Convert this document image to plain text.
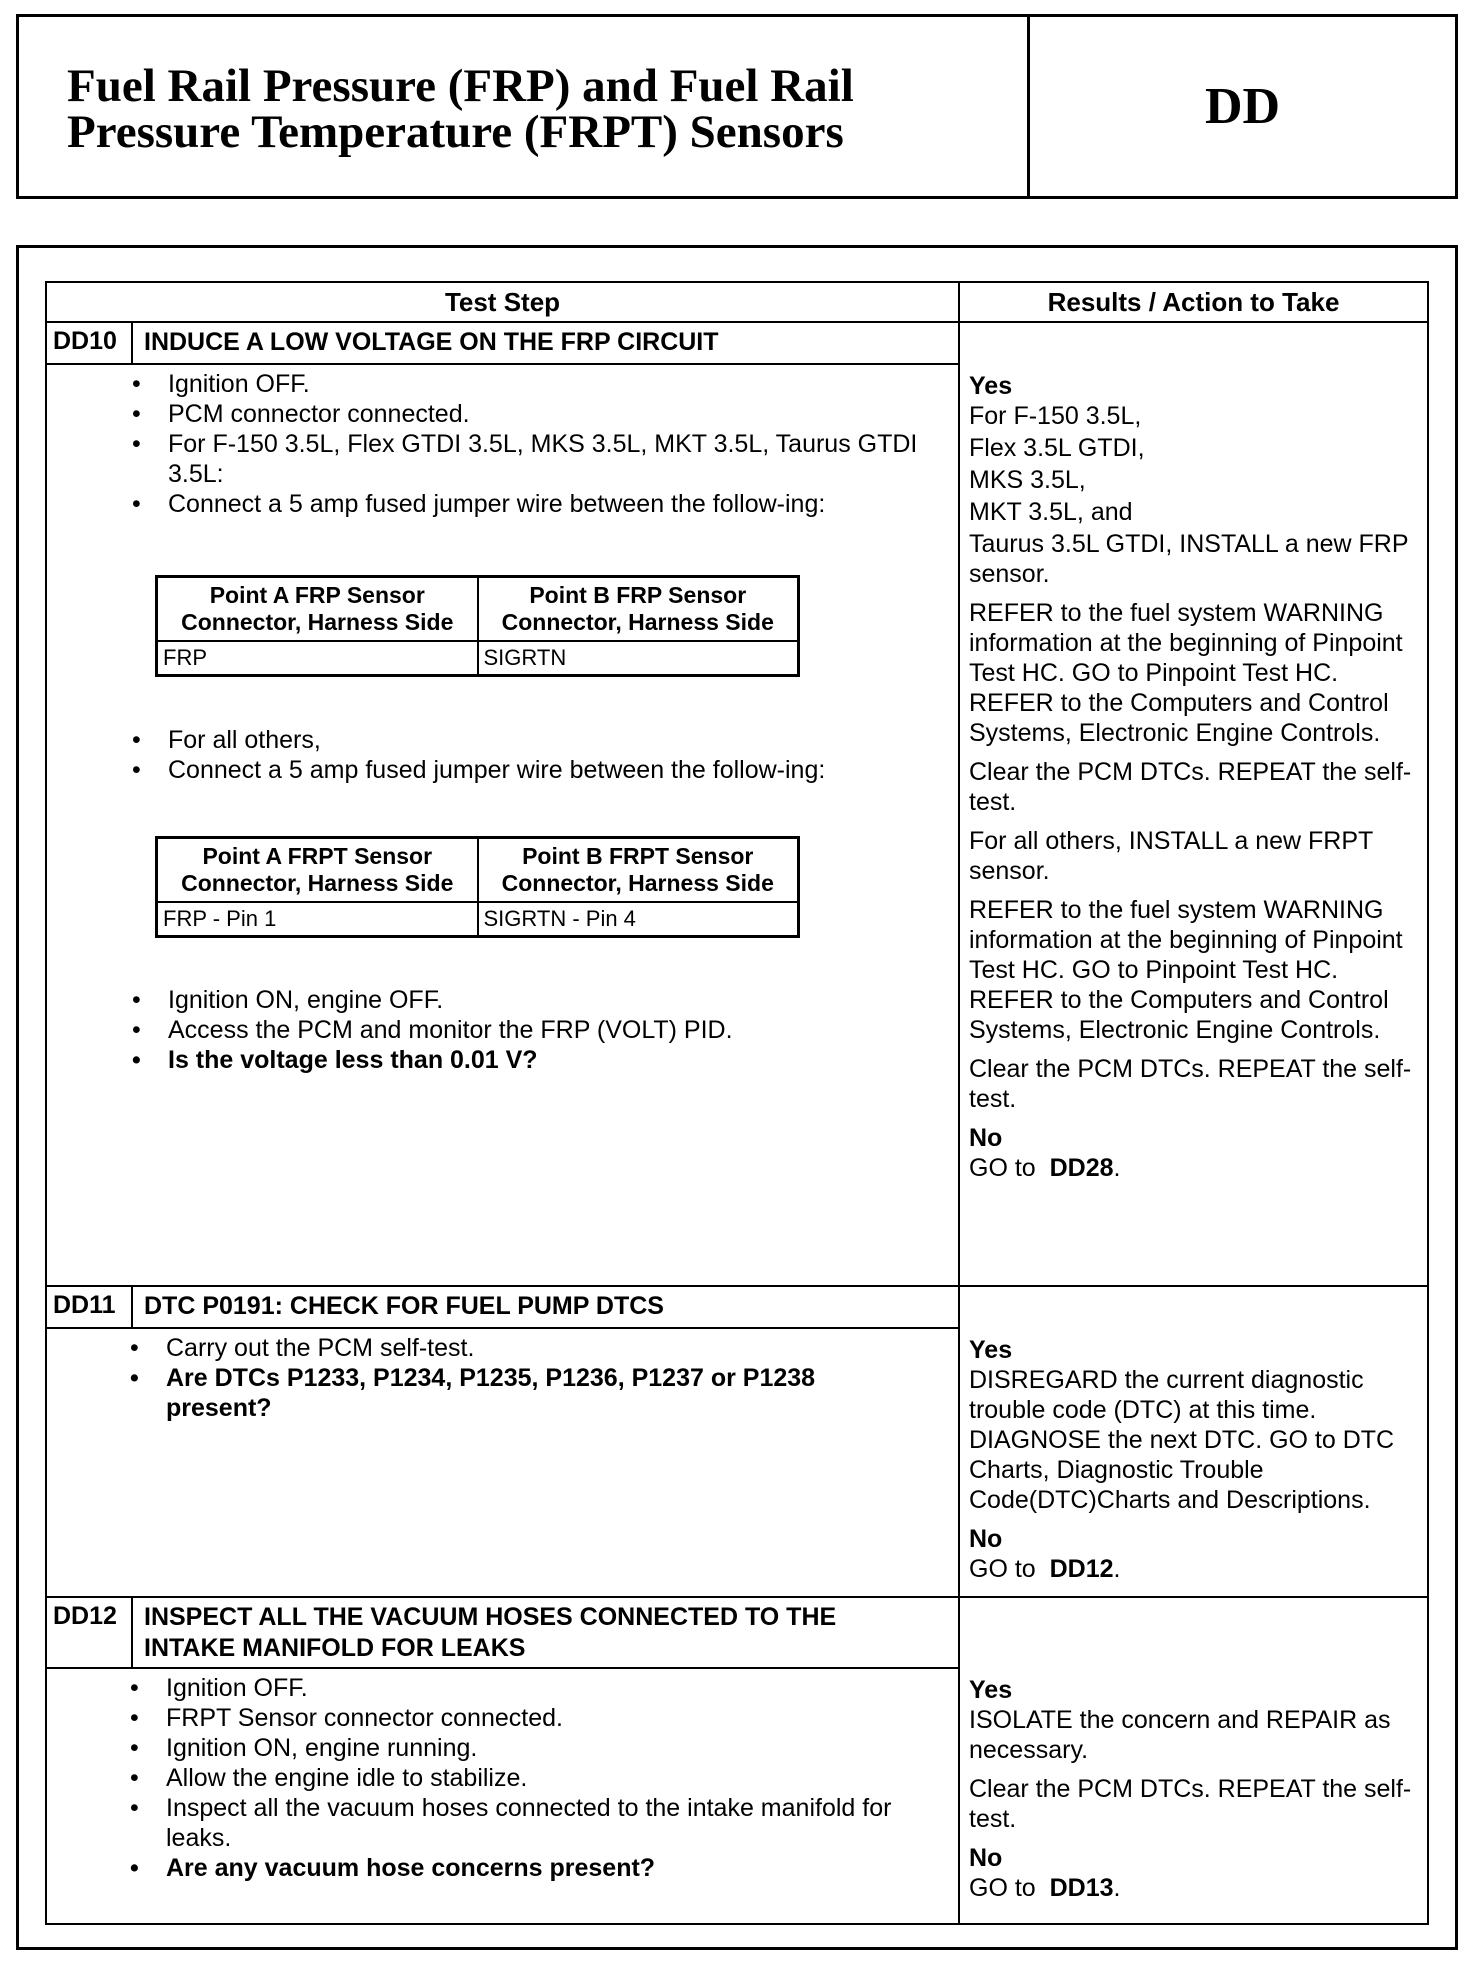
Fuel Rail Pressure (FRP) and Fuel Rail Pressure Temperature (FRPT) Sensors	DD
Test Step	Results / Action to Take
DD10 INDUCE A LOW VOLTAGE ON THE FRP CIRCUIT
• Ignition OFF.
• PCM connector connected.
• For F-150 3.5L, Flex GTDI 3.5L, MKS 3.5L, MKT 3.5L, Taurus GTDI 3.5L:
• Connect a 5 amp fused jumper wire between the follow-ing:
Point A FRP Sensor Connector, Harness Side	Point B FRP Sensor Connector, Harness Side
FRP	SIGRTN
• For all others,
• Connect a 5 amp fused jumper wire between the follow-ing:
Point A FRPT Sensor Connector, Harness Side	Point B FRPT Sensor Connector, Harness Side
FRP - Pin 1	SIGRTN - Pin 4
• Ignition ON, engine OFF.
• Access the PCM and monitor the FRP (VOLT) PID.
• Is the voltage less than 0.01 V?
Yes
For F-150 3.5L,
Flex 3.5L GTDI,
MKS 3.5L,
MKT 3.5L, and

Taurus 3.5L GTDI, INSTALL a new FRP sensor.

REFER to the fuel system WARNING information at the beginning of Pinpoint Test HC. GO to Pinpoint Test HC. REFER to the Computers and Control Systems, Electronic Engine Controls.

Clear the PCM DTCs. REPEAT the self-test.

For all others, INSTALL a new FRPT sensor.

REFER to the fuel system WARNING information at the beginning of Pinpoint Test HC. GO to Pinpoint Test HC. REFER to the Computers and Control Systems, Electronic Engine Controls.

Clear the PCM DTCs. REPEAT the self-test.

No
GO to DD28.
DD11 DTC P0191: CHECK FOR FUEL PUMP DTCS
• Carry out the PCM self-test.
• Are DTCs P1233, P1234, P1235, P1236, P1237 or P1238 present?
Yes

DISREGARD the current diagnostic trouble code (DTC) at this time. DIAGNOSE the next DTC. GO to DTC Charts, Diagnostic Trouble Code(DTC)Charts and Descriptions.

No
GO to DD12.
DD12 INSPECT ALL THE VACUUM HOSES CONNECTED TO THE INTAKE MANIFOLD FOR LEAKS
• Ignition OFF.
• FRPT Sensor connector connected.
• Ignition ON, engine running.
• Allow the engine idle to stabilize.
• Inspect all the vacuum hoses connected to the intake manifold for leaks.
• Are any vacuum hose concerns present?
Yes

ISOLATE the concern and REPAIR as necessary.

Clear the PCM DTCs. REPEAT the self-test.

No
GO to DD13.
